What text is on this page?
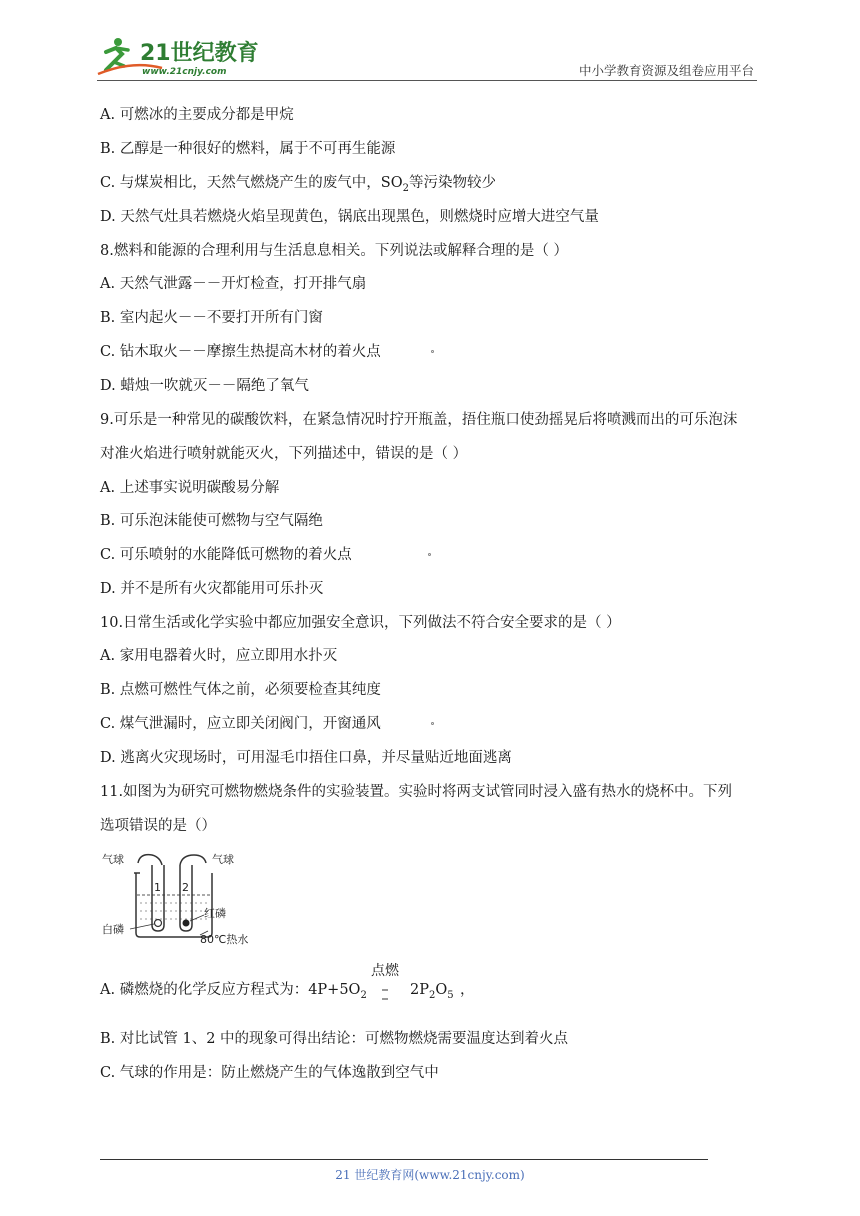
21世纪教育
www.21cnjy.com	中小学教育资源及组卷应用平台
A. 可燃冰的主要成分都是甲烷
B. 乙醇是一种很好的燃料，属于不可再生能源
C. 与煤炭相比，天然气燃烧产生的废气中，$SO_2$等污染物较少
D. 天然气灶具若燃烧火焰呈现黄色，锅底出现黑色，则燃烧时应增大进空气量
8.燃料和能源的合理利用与生活息息相关。下列说法或解释合理的是（ ）
A. 天然气泄露－－开灯检查，打开排气扇
B. 室内起火－－不要打开所有门窗
C. 钻木取火－－摩擦生热提高木材的着火点
D. 蜡烛一吹就灭－－隔绝了氧气
9.可乐是一种常见的碳酸饮料，在紧急情况时拧开瓶盖，捂住瓶口使劲摇晃后将喷溅而出的可乐泡沫
对准火焰进行喷射就能灭火，下列描述中，错误的是（ ）
A. 上述事实说明碳酸易分解
B. 可乐泡沫能使可燃物与空气隔绝
C. 可乐喷射的水能降低可燃物的着火点
D. 并不是所有火灾都能用可乐扑灭
10.日常生活或化学实验中都应加强安全意识，下列做法不符合安全要求的是（ ）
A. 家用电器着火时，应立即用水扑灭
B. 点燃可燃性气体之前，必须要检查其纯度
C. 煤气泄漏时，应立即关闭阀门，开窗通风
D. 逃离火灾现场时，可用湿毛巾捂住口鼻，并尽量贴近地面逃离
11.如图为为研究可燃物燃烧条件的实验装置。实验时将两支试管同时浸入盛有热水的烧杯中。下列
选项错误的是（）
气球	气球
1 2
白磷
红磷
80℃热水
点燃
A. 磷燃烧的化学反应方程式为：$4P+5O_2$	$2P_2O_5$ ，
B. 对比试管 1、2 中的现象可得出结论：可燃物燃烧需要温度达到着火点
C. 气球的作用是：防止燃烧产生的气体逸散到空气中
21 世纪教育网(www.21cnjy.com)
